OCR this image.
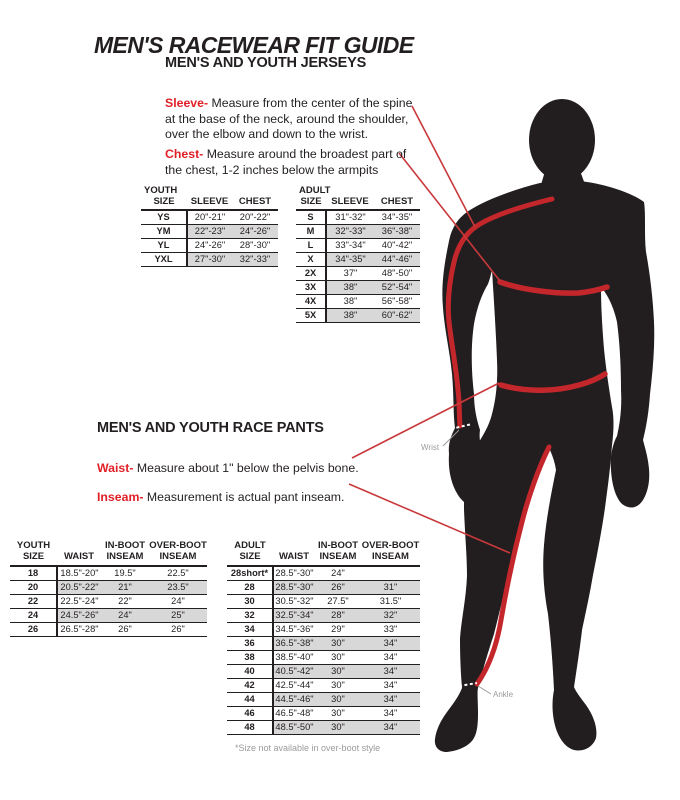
MEN'S RACEWEAR FIT GUIDE
MEN'S AND YOUTH JERSEYS

Sleeve- Measure from the center of the spine at the base of the neck, around the shoulder, over the elbow and down to the wrist.

Chest- Measure around the broadest part of the chest, 1-2 inches below the armpits

YOUTH
SIZE	SLEEVE	CHEST

YS	20"-21"	20"-22"
YM	22"-23"	24"-26"
YL	24"-26"	28"-30"
YXL	27"-30"	32"-33"
ADULT
SIZE	SLEEVE	CHEST

S	31"-32"	34"-35"
M	32"-33"	36"-38"
L	33"-34"	40"-42"
X	34"-35"	44"-46"
2X	37"	48"-50"
3X	38"	52"-54"
4X	38"	56"-58"
5X	38"	60"-62"
MEN'S AND YOUTH RACE PANTS

Waist- Measure about 1" below the pelvis bone.

Inseam- Measurement is actual pant inseam.

YOUTH
SIZE	WAIST

IN-BOOT
INSEAM

OVER-BOOT
INSEAM

18	18.5"-20"	19.5"	22.5"
20	20.5"-22"	21"	23.5"
22	22.5"-24"	22"	24"
24	24.5"-26"	24"	25"
26	26.5"-28"	26"	26"
ADULT
SIZE	WAIST

IN-BOOT
INSEAM

OVER-BOOT
INSEAM

28short*	28.5"-30"	24"	
28	28.5"-30"	26"	31"
30	30.5"-32"	27.5"	31.5"
32	32.5"-34"	28"	32"
34	34.5"-36"	29"	33"
36	36.5"-38"	30"	34"
38	38.5"-40"	30"	34"
40	40.5"-42"	30"	34"
42	42.5"-44"	30"	34"
44	44.5"-46"	30"	34"
46	46.5"-48"	30"	34"
48	48.5"-50"	30"	34"
*Size not available in over-boot style
Wrist
Ankle
